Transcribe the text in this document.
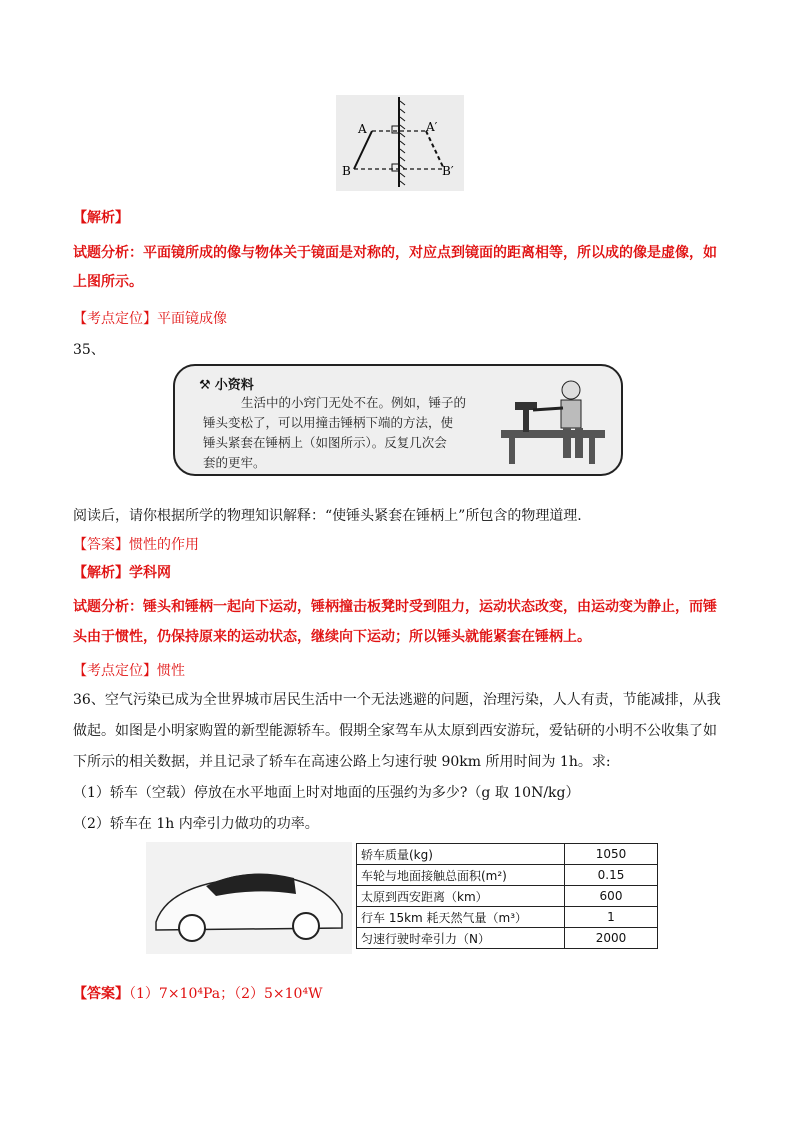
A	A′
B	B′
【解析】
试题分析：平面镜所成的像与物体关于镜面是对称的，对应点到镜面的距离相等，所以成的像是虚像，如
上图所示。
【考点定位】平面镜成像
35、
⚒ 小资料
生活中的小窍门无处不在。例如，锤子的
锤头变松了，可以用撞击锤柄下端的方法，使
锤头紧套在锤柄上（如图所示）。反复几次会
套的更牢。
阅读后，请你根据所学的物理知识解释：“使锤头紧套在锤柄上”所包含的物理道理.
【答案】惯性的作用
【解析】学科网
试题分析：锤头和锤柄一起向下运动，锤柄撞击板凳时受到阻力，运动状态改变，由运动变为静止，而锤
头由于惯性，仍保持原来的运动状态，继续向下运动；所以锤头就能紧套在锤柄上。
【考点定位】惯性
36、空气污染已成为全世界城市居民生活中一个无法逃避的问题，治理污染，人人有责，节能减排，从我
做起。如图是小明家购置的新型能源轿车。假期全家驾车从太原到西安游玩，爱钻研的小明不公收集了如
下所示的相关数据，并且记录了轿车在高速公路上匀速行驶 90km 所用时间为 1h。求:
（1）轿车（空载）停放在水平地面上时对地面的压强约为多少?（g 取 10N/kg）
（2）轿车在 1h 内牵引力做功的功率。
轿车质量(kg)	1050
车轮与地面接触总面积(m²)	0.15
太原到西安距离（km）	600
行车 15km 耗天然气量（m³）	1
匀速行驶时牵引力（N）	2000
【答案】（1）7×10⁴Pa；（2）5×10⁴W
